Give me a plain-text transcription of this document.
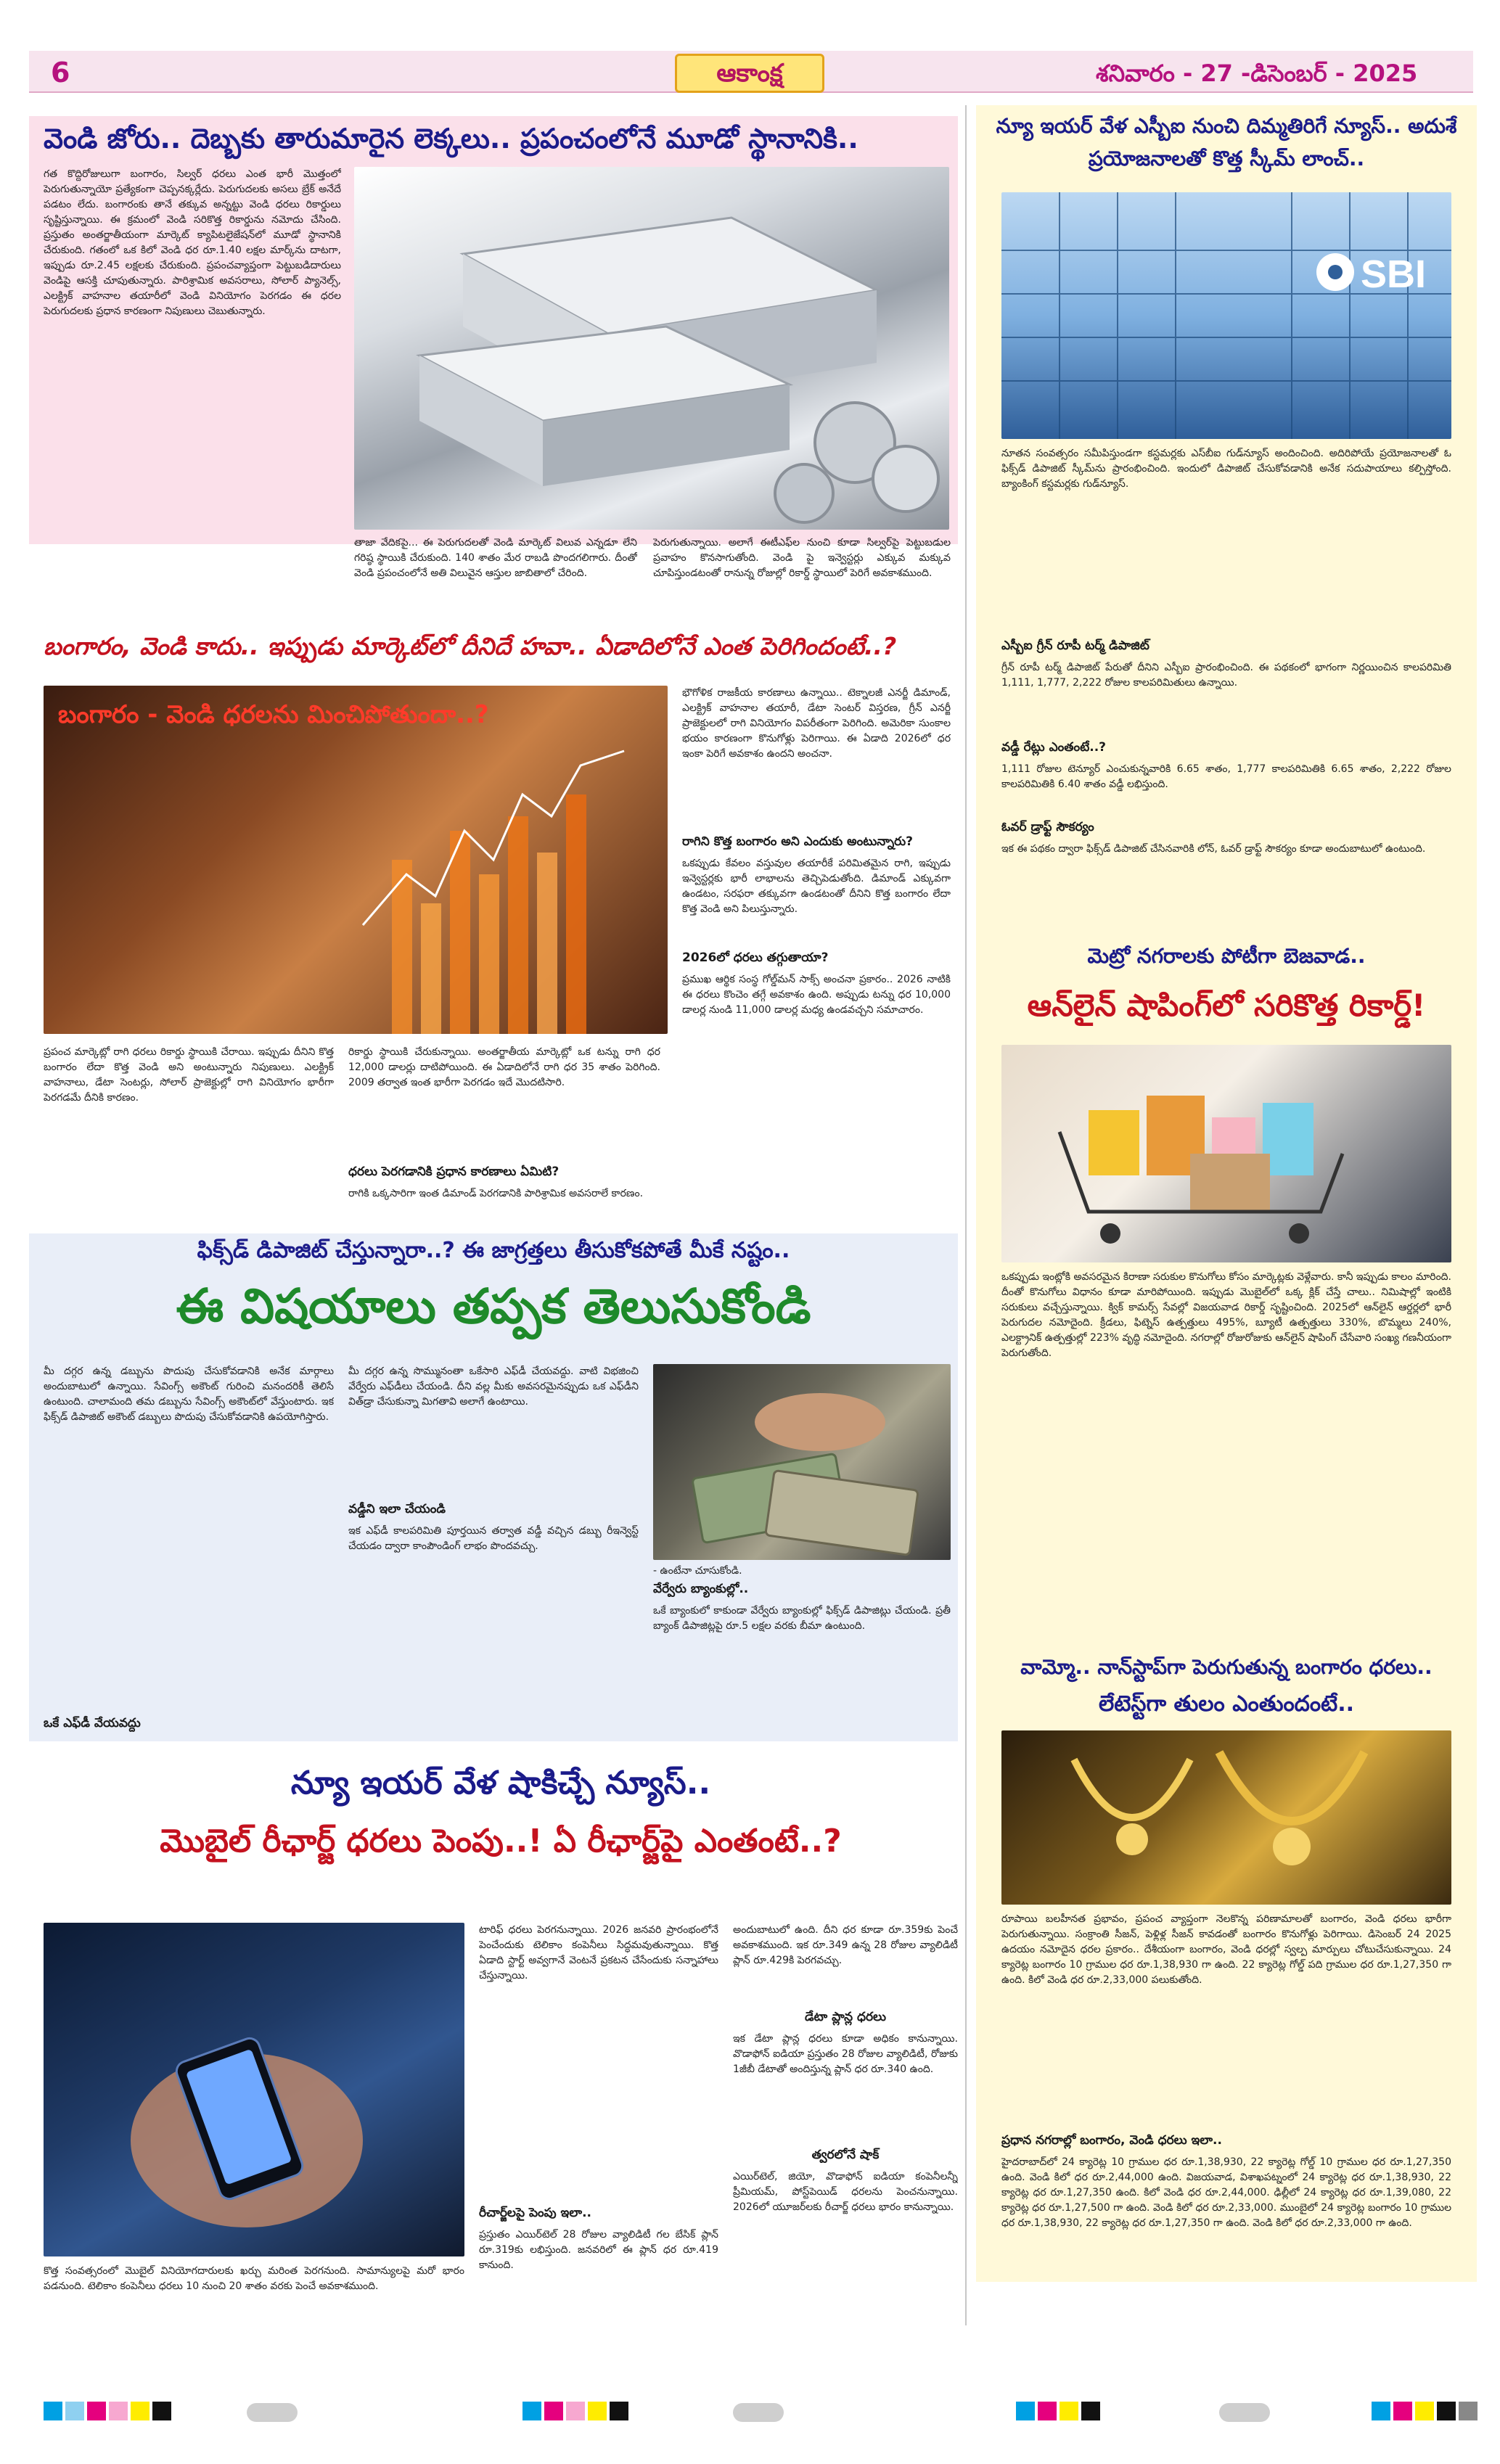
6	ఆకాంక్ష	శనివారం - 27 -డిసెంబర్ - 2025
వెండి జోరు.. దెబ్బకు తారుమారైన లెక్కలు.. ప్రపంచంలోనే మూడో స్థానానికి..
గత కొద్దిరోజులుగా బంగారం, సిల్వర్ ధరలు ఎంత భారీ మొత్తంలో పెరుగుతున్నాయో ప్రత్యేకంగా చెప్పనక్కర్లేదు. పెరుగుదలకు అసలు బ్రేక్ అనేదే పడటం లేదు. బంగారంకు తానే తక్కువ అన్నట్టు వెండి ధరలు రికార్డులు సృష్టిస్తున్నాయి. ఈ క్రమంలో వెండి సరికొత్త రికార్డును నమోదు చేసింది. ప్రస్తుతం అంతర్జాతీయంగా మార్కెట్ క్యాపిటలైజేషన్‌లో మూడో స్థానానికి చేరుకుంది. గతంలో ఒక కిలో వెండి ధర రూ.1.40 లక్షల మార్క్‌ను దాటగా, ఇప్పుడు రూ.2.45 లక్షలకు చేరుకుంది. ప్రపంచవ్యాప్తంగా పెట్టుబడిదారులు వెండిపై ఆసక్తి చూపుతున్నారు. పారిశ్రామిక అవసరాలు, సోలార్ ప్యానెల్స్, ఎలక్ట్రిక్ వాహనాల తయారీలో వెండి వినియోగం పెరగడం ఈ ధరల పెరుగుదలకు ప్రధాన కారణంగా నిపుణులు చెబుతున్నారు.
తాజా వేదికపై... ఈ పెరుగుదలతో వెండి మార్కెట్ విలువ ఎన్నడూ లేని గరిష్ఠ స్థాయికి చేరుకుంది. 140 శాతం మేర రాబడి పొందగలిగారు. దీంతో వెండి ప్రపంచంలోనే అతి విలువైన ఆస్తుల జాబితాలో చేరింది.
పెరుగుతున్నాయి. అలాగే ఈటీఎఫ్‌ల నుంచి కూడా సిల్వర్‌పై పెట్టుబడుల ప్రవాహం కొనసాగుతోంది. వెండి పై ఇన్వెస్టర్లు ఎక్కువ మక్కువ చూపిస్తుండటంతో రానున్న రోజుల్లో రికార్డ్ స్థాయిలో పెరిగే అవకాశముంది.
బంగారం, వెండి కాదు.. ఇప్పుడు మార్కెట్‌లో దీనిదే హవా.. ఏడాదిలోనే ఎంత పెరిగిందంటే..?
బంగారం - వెండి ధరలను మించిపోతుందా..?
భౌగోళిక రాజకీయ కారణాలు ఉన్నాయి.. టెక్నాలజీ ఎనర్జీ డిమాండ్, ఎలక్ట్రిక్ వాహనాల తయారీ, డేటా సెంటర్ విస్తరణ, గ్రీన్ ఎనర్జీ ప్రాజెక్టులలో రాగి వినియోగం విపరీతంగా పెరిగింది. అమెరికా సుంకాల భయం కారణంగా కొనుగోళ్లు పెరిగాయి. ఈ ఏడాది 2026లో ధర ఇంకా పెరిగే అవకాశం ఉందని అంచనా.
రాగిని కొత్త బంగారం అని ఎందుకు అంటున్నారు?
ఒకప్పుడు కేవలం వస్తువుల తయారీకే పరిమితమైన రాగి, ఇప్పుడు ఇన్వెస్టర్లకు భారీ లాభాలను తెచ్చిపెడుతోంది. డిమాండ్ ఎక్కువగా ఉండటం, సరఫరా తక్కువగా ఉండటంతో దీనిని కొత్త బంగారం లేదా కొత్త వెండి అని పిలుస్తున్నారు.
2026లో ధరలు తగ్గుతాయా?
ప్రముఖ ఆర్థిక సంస్థ గోల్డ్‌మన్ సాక్స్ అంచనా ప్రకారం.. 2026 నాటికి ఈ ధరలు కొంచెం తగ్గే అవకాశం ఉంది. అప్పుడు టన్ను ధర 10,000 డాలర్ల నుండి 11,000 డాలర్ల మధ్య ఉండవచ్చని సమాచారం.
ప్రపంచ మార్కెట్లో రాగి ధరలు రికార్డు స్థాయికి చేరాయి. ఇప్పుడు దీనిని కొత్త బంగారం లేదా కొత్త వెండి అని అంటున్నారు నిపుణులు. ఎలక్ట్రిక్ వాహనాలు, డేటా సెంటర్లు, సోలార్ ప్రాజెక్టుల్లో రాగి వినియోగం భారీగా పెరగడమే దీనికి కారణం.
రికార్డు స్థాయికి చేరుకున్నాయి. అంతర్జాతీయ మార్కెట్లో ఒక టన్ను రాగి ధర 12,000 డాలర్లు దాటిపోయింది. ఈ ఏడాదిలోనే రాగి ధర 35 శాతం పెరిగింది. 2009 తర్వాత ఇంత భారీగా పెరగడం ఇదే మొదటిసారి.
ధరలు పెరగడానికి ప్రధాన కారణాలు ఏమిటి?
రాగికి ఒక్కసారిగా ఇంత డిమాండ్ పెరగడానికి పారిశ్రామిక అవసరాలే కారణం.
ఫిక్స్‌డ్ డిపాజిట్ చేస్తున్నారా..? ఈ జాగ్రత్తలు తీసుకోకపోతే మీకే నష్టం..
ఈ విషయాలు తప్పక తెలుసుకోండి
మీ దగ్గర ఉన్న డబ్బును పొదుపు చేసుకోవడానికి అనేక మార్గాలు అందుబాటులో ఉన్నాయి. సేవింగ్స్ అకౌంట్ గురించి మనందరికీ తెలిసే ఉంటుంది. చాలామంది తమ డబ్బును సేవింగ్స్ అకౌంట్‌లో వేస్తుంటారు. ఇక ఫిక్స్‌డ్ డిపాజిట్ అకౌంట్ డబ్బులు పొదుపు చేసుకోవడానికి ఉపయోగిస్తారు.
ఒకే ఎఫ్‌డీ వేయవద్దు
మీ దగ్గర ఉన్న సొమ్మునంతా ఒకేసారి ఎఫ్‌డీ చేయవద్దు. వాటి విభజించి వేర్వేరు ఎఫ్‌డీలు చేయండి. దీని వల్ల మీకు అవసరమైనప్పుడు ఒక ఎఫ్‌డీని విత్‌డ్రా చేసుకున్నా మిగతావి అలాగే ఉంటాయి.
వడ్డీని ఇలా చేయండి
ఇక ఎఫ్‌డీ కాలపరిమితి పూర్తయిన తర్వాత వడ్డీ వచ్చిన డబ్బు రీఇన్వెస్ట్ చేయడం ద్వారా కాంపౌండింగ్ లాభం పొందవచ్చు.
- ఉంటేనా చూసుకోండి.
వేర్వేరు బ్యాంకుల్లో..
ఒకే బ్యాంకులో కాకుండా వేర్వేరు బ్యాంకుల్లో ఫిక్స్‌డ్ డిపాజిట్లు చేయండి. ప్రతీ బ్యాంక్ డిపాజిట్లపై రూ.5 లక్షల వరకు బీమా ఉంటుంది.
న్యూ ఇయర్ వేళ షాకిచ్చే న్యూస్..
మొబైల్ రీఛార్జ్ ధరలు పెంపు..! ఏ రీఛార్జ్‌పై ఎంతంటే..?
టారిఫ్ ధరలు పెరగనున్నాయి. 2026 జనవరి ప్రారంభంలోనే పెంచేందుకు టెలికాం కంపెనీలు సిద్ధమవుతున్నాయి. కొత్త ఏడాది స్టార్ట్ అవ్వగానే వెంటనే ప్రకటన చేసేందుకు సన్నాహాలు చేస్తున్నాయి.
కొత్త సంవత్సరంలో మొబైల్ వినియోగదారులకు ఖర్చు మరింత పెరగనుంది. సామాన్యులపై మరో భారం పడనుంది. టెలికాం కంపెనీలు ధరలు 10 నుంచి 20 శాతం వరకు పెంచే అవకాశముంది.
రీచార్జ్‌లపై పెంపు ఇలా..
ప్రస్తుతం ఎయిర్‌టెల్ 28 రోజుల వ్యాలిడిటీ గల బేసిక్ ప్లాన్ రూ.319కు లభిస్తుంది. జనవరిలో ఈ ప్లాన్ ధర రూ.419 కానుంది.
అందుబాటులో ఉంది. దీని ధర కూడా రూ.359కు పెంచే అవకాశముంది. ఇక రూ.349 ఉన్న 28 రోజుల వ్యాలిడిటీ ప్లాన్ రూ.429కి పెరగవచ్చు.
డేటా ప్లాన్ల ధరలు
ఇక డేటా ప్లాన్ల ధరలు కూడా అధికం కానున్నాయి. వొడాఫోన్ ఐడియా ప్రస్తుతం 28 రోజుల వ్యాలిడిటీ, రోజుకు 1జీబీ డేటాతో అందిస్తున్న ప్లాన్ ధర రూ.340 ఉంది.
త్వరలోనే షాక్
ఎయిర్‌టెల్, జియో, వొడాఫోన్ ఐడియా కంపెనీలన్నీ ప్రీమియమ్, పోస్ట్‌పెయిడ్ ధరలను పెంచనున్నాయి. 2026లో యూజర్‌లకు రీచార్జ్ ధరలు భారం కానున్నాయి.
న్యూ ఇయర్ వేళ ఎస్బీఐ నుంచి దిమ్మతిరిగే న్యూస్.. అదుశే ప్రయోజనాలతో కొత్త స్కీమ్ లాంచ్..
SBI
నూతన సంవత్సరం సమీపిస్తుండగా కస్టమర్లకు ఎస్‌బీఐ గుడ్‌న్యూస్ అందించింది. అదిరిపోయే ప్రయోజనాలతో ఓ ఫిక్స్‌డ్ డిపాజిట్ స్కీమ్‌ను ప్రారంభించింది. ఇందులో డిపాజిట్ చేసుకోవడానికి అనేక సదుపాయాలు కల్పిస్తోంది. బ్యాంకింగ్ కస్టమర్లకు గుడ్‌న్యూస్.
ఎస్బీఐ గ్రీన్ రూపీ టర్మ్ డిపాజిట్
గ్రీన్ రూపీ టర్మ్ డిపాజిట్ పేరుతో దీనిని ఎస్బీఐ ప్రారంభించింది. ఈ పథకంలో భాగంగా నిర్ణయించిన కాలపరిమితి 1,111, 1,777, 2,222 రోజుల కాలపరిమితులు ఉన్నాయి.
వడ్డీ రేట్లు ఎంతంటే..?
1,111 రోజుల టెన్యూర్ ఎంచుకున్నవారికి 6.65 శాతం, 1,777 కాలపరిమితికి 6.65 శాతం, 2,222 రోజుల కాలపరిమితికి 6.40 శాతం వడ్డీ లభిస్తుంది.
ఓవర్ డ్రాఫ్ట్ సౌకర్యం
ఇక ఈ పథకం ద్వారా ఫిక్స్‌డ్ డిపాజిట్ చేసినవారికి లోన్, ఓవర్ డ్రాఫ్ట్ సౌకర్యం కూడా అందుబాటులో ఉంటుంది.
మెట్రో నగరాలకు పోటీగా బెజవాడ..
ఆన్‌లైన్ షాపింగ్‌లో సరికొత్త రికార్డ్!
ఒకప్పుడు ఇంట్లోకి అవసరమైన కిరాణా సరుకుల కొనుగోలు కోసం మార్కెట్లకు వెళ్లేవారు. కానీ ఇప్పుడు కాలం మారింది. దీంతో కొనుగోలు విధానం కూడా మారిపోయింది. ఇప్పుడు మొబైల్‌లో ఒక్క క్లిక్ చేస్తే చాలు.. నిమిషాల్లో ఇంటికి సరుకులు వచ్చేస్తున్నాయి. క్విక్ కామర్స్ సేవల్లో విజయవాడ రికార్డ్ సృష్టించింది. 2025లో ఆన్‌లైన్ ఆర్డర్లలో భారీ పెరుగుదల నమోదైంది. క్రీడలు, ఫిట్నెస్ ఉత్పత్తులు 495%, బ్యూటీ ఉత్పత్తులు 330%, బొమ్మలు 240%, ఎలక్ట్రానిక్ ఉత్పత్తుల్లో 223% వృద్ధి నమోదైంది. నగరాల్లో రోజురోజుకు ఆన్‌లైన్ షాపింగ్ చేసేవారి సంఖ్య గణనీయంగా పెరుగుతోంది.
వామ్మో.. నాన్‌స్టాప్‌గా పెరుగుతున్న బంగారం ధరలు..
లేటెస్ట్‌గా తులం ఎంతుందంటే..
రూపాయి బలహీనత ప్రభావం, ప్రపంచ వ్యాప్తంగా నెలకొన్న పరిణామాలతో బంగారం, వెండి ధరలు భారీగా పెరుగుతున్నాయి. సంక్రాంతి సీజన్, పెళ్లిళ్ల సీజన్ కావడంతో బంగారం కొనుగోళ్లు పెరిగాయి. డిసెంబర్ 24 2025 ఉదయం నమోదైన ధరల ప్రకారం.. దేశీయంగా బంగారం, వెండి ధరల్లో స్వల్ప మార్పులు చోటుచేసుకున్నాయి. 24 క్యారెట్ల బంగారం 10 గ్రాముల ధర రూ.1,38,930 గా ఉంది. 22 క్యారెట్ల గోల్డ్ పది గ్రాముల ధర రూ.1,27,350 గా ఉంది. కిలో వెండి ధర రూ.2,33,000 పలుకుతోంది.
ప్రధాన నగరాల్లో బంగారం, వెండి ధరలు ఇలా..
హైదరాబాద్‌లో 24 క్యారెట్ల 10 గ్రాముల ధర రూ.1,38,930, 22 క్యారెట్ల గోల్డ్ 10 గ్రాముల ధర రూ.1,27,350 ఉంది. వెండి కిలో ధర రూ.2,44,000 ఉంది. విజయవాడ, విశాఖపట్నంలో 24 క్యారెట్ల ధర రూ.1,38,930, 22 క్యారెట్ల ధర రూ.1,27,350 ఉంది. కిలో వెండి ధర రూ.2,44,000. ఢిల్లీలో 24 క్యారెట్ల ధర రూ.1,39,080, 22 క్యారెట్ల ధర రూ.1,27,500 గా ఉంది. వెండి కిలో ధర రూ.2,33,000. ముంబైలో 24 క్యారెట్ల బంగారం 10 గ్రాముల ధర రూ.1,38,930, 22 క్యారెట్ల ధర రూ.1,27,350 గా ఉంది. వెండి కిలో ధర రూ.2,33,000 గా ఉంది.
